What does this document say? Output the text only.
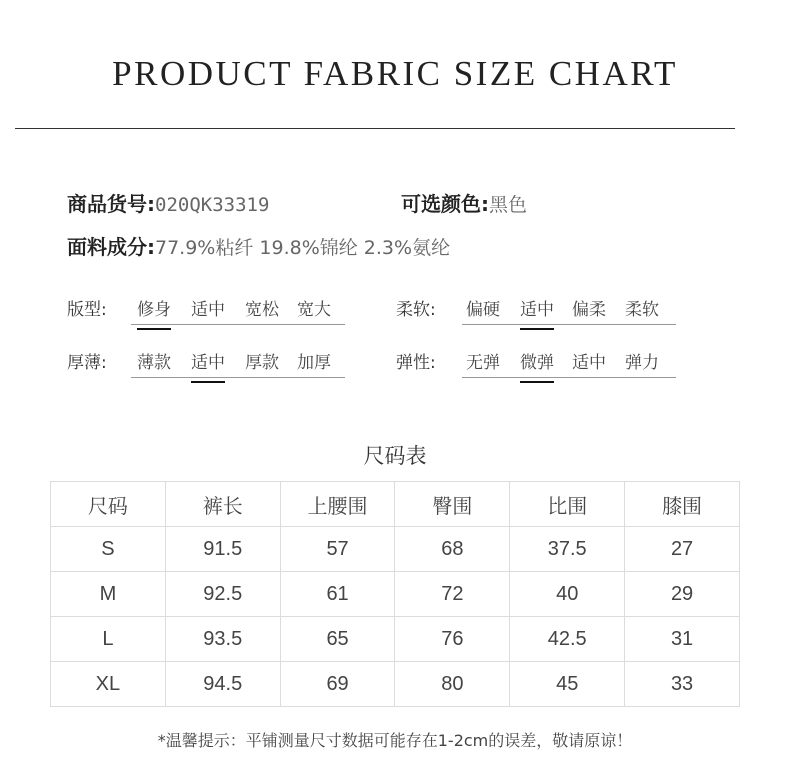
PRODUCT FABRIC SIZE CHART
商品货号:020QK33319	可选颜色:黑色
面料成分:77.9%粘纤 19.8%锦纶 2.3%氨纶
版型: 修身 适中 宽松 宽大	柔软: 偏硬 适中 偏柔 柔软
厚薄: 薄款 适中 厚款 加厚	弹性: 无弹 微弹 适中 弹力
尺码表
尺码	裤长	上腰围	臀围	比围	膝围
S	91.5	57	68	37.5	27
M	92.5	61	72	40	29
L	93.5	65	76	42.5	31
XL	94.5	69	80	45	33
*温馨提示：平铺测量尺寸数据可能存在1-2cm的误差，敬请原谅！
